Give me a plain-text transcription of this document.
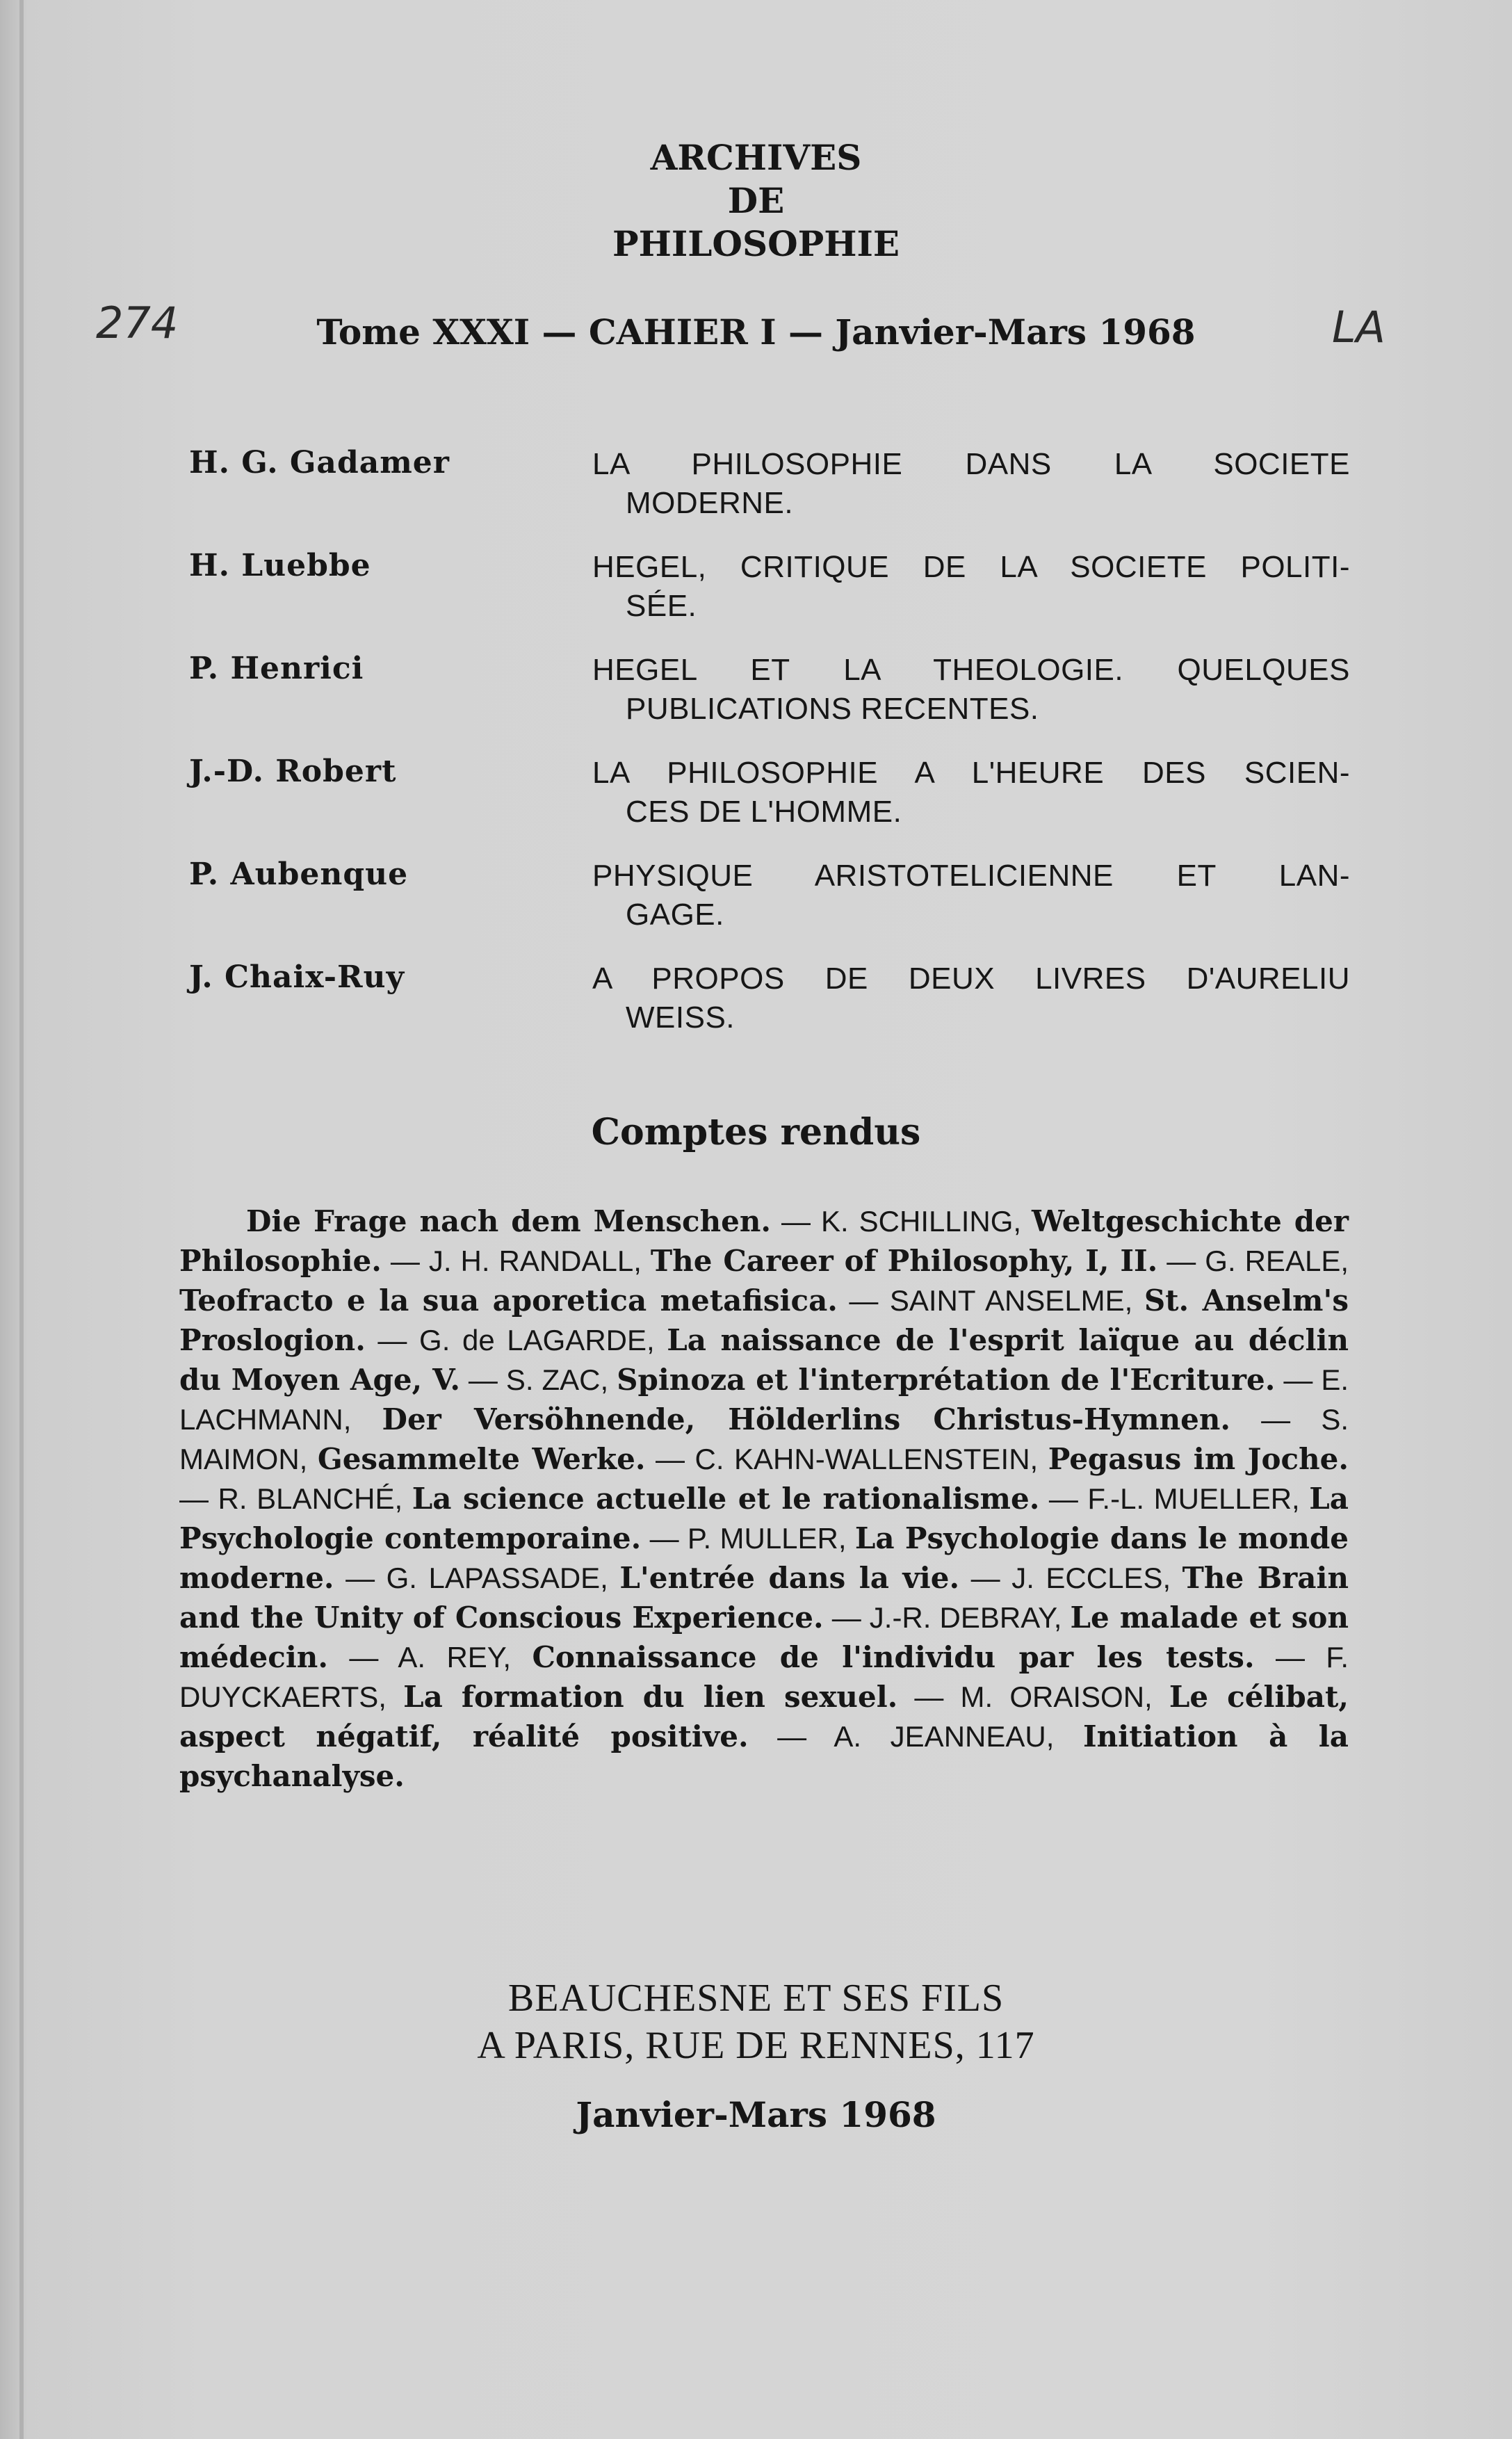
ARCHIVES
DE
PHILOSOPHIE
274	LA
Tome XXXI — CAHIER I — Janvier-Mars 1968
H. G. Gadamer	LA PHILOSOPHIE DANS LA SOCIETE
MODERNE.
H. Luebbe	HEGEL, CRITIQUE DE LA SOCIETE POLITI-
SÉE.
P. Henrici	HEGEL ET LA THEOLOGIE. QUELQUES
PUBLICATIONS RECENTES.
J.-D. Robert	LA PHILOSOPHIE A L'HEURE DES SCIEN-
CES DE L'HOMME.
P. Aubenque	PHYSIQUE ARISTOTELICIENNE ET LAN-
GAGE.
J. Chaix-Ruy	A PROPOS DE DEUX LIVRES D'AURELIU
WEISS.
Comptes rendus
Die Frage nach dem Menschen. — K. SCHILLING, Weltgeschichte der Philosophie. — J. H. RANDALL, The Career of Philosophy, I, II. — G. REALE, Teofracto e la sua aporetica metafisica. — SAINT ANSELME, St. Anselm's Proslogion. — G. de LAGARDE, La naissance de l'esprit laïque au déclin du Moyen Age, V. — S. ZAC, Spinoza et l'interprétation de l'Ecriture. — E. LACHMANN, Der Versöhnende, Hölderlins Christus-Hymnen. — S. MAIMON, Gesammelte Werke. — C. KAHN-WALLENSTEIN, Pegasus im Joche. — R. BLANCHÉ, La science actuelle et le rationalisme. — F.-L. MUELLER, La Psychologie contemporaine. — P. MULLER, La Psychologie dans le monde moderne. — G. LAPASSADE, L'entrée dans la vie. — J. ECCLES, The Brain and the Unity of Conscious Experience. — J.-R. DEBRAY, Le malade et son médecin. — A. REY, Connaissance de l'individu par les tests. — F. DUYCKAERTS, La formation du lien sexuel. — M. ORAISON, Le célibat, aspect négatif, réalité positive. — A. JEANNEAU, Initiation à la psychanalyse.
BEAUCHESNE ET SES FILS
A PARIS, RUE DE RENNES, 117
Janvier-Mars 1968
